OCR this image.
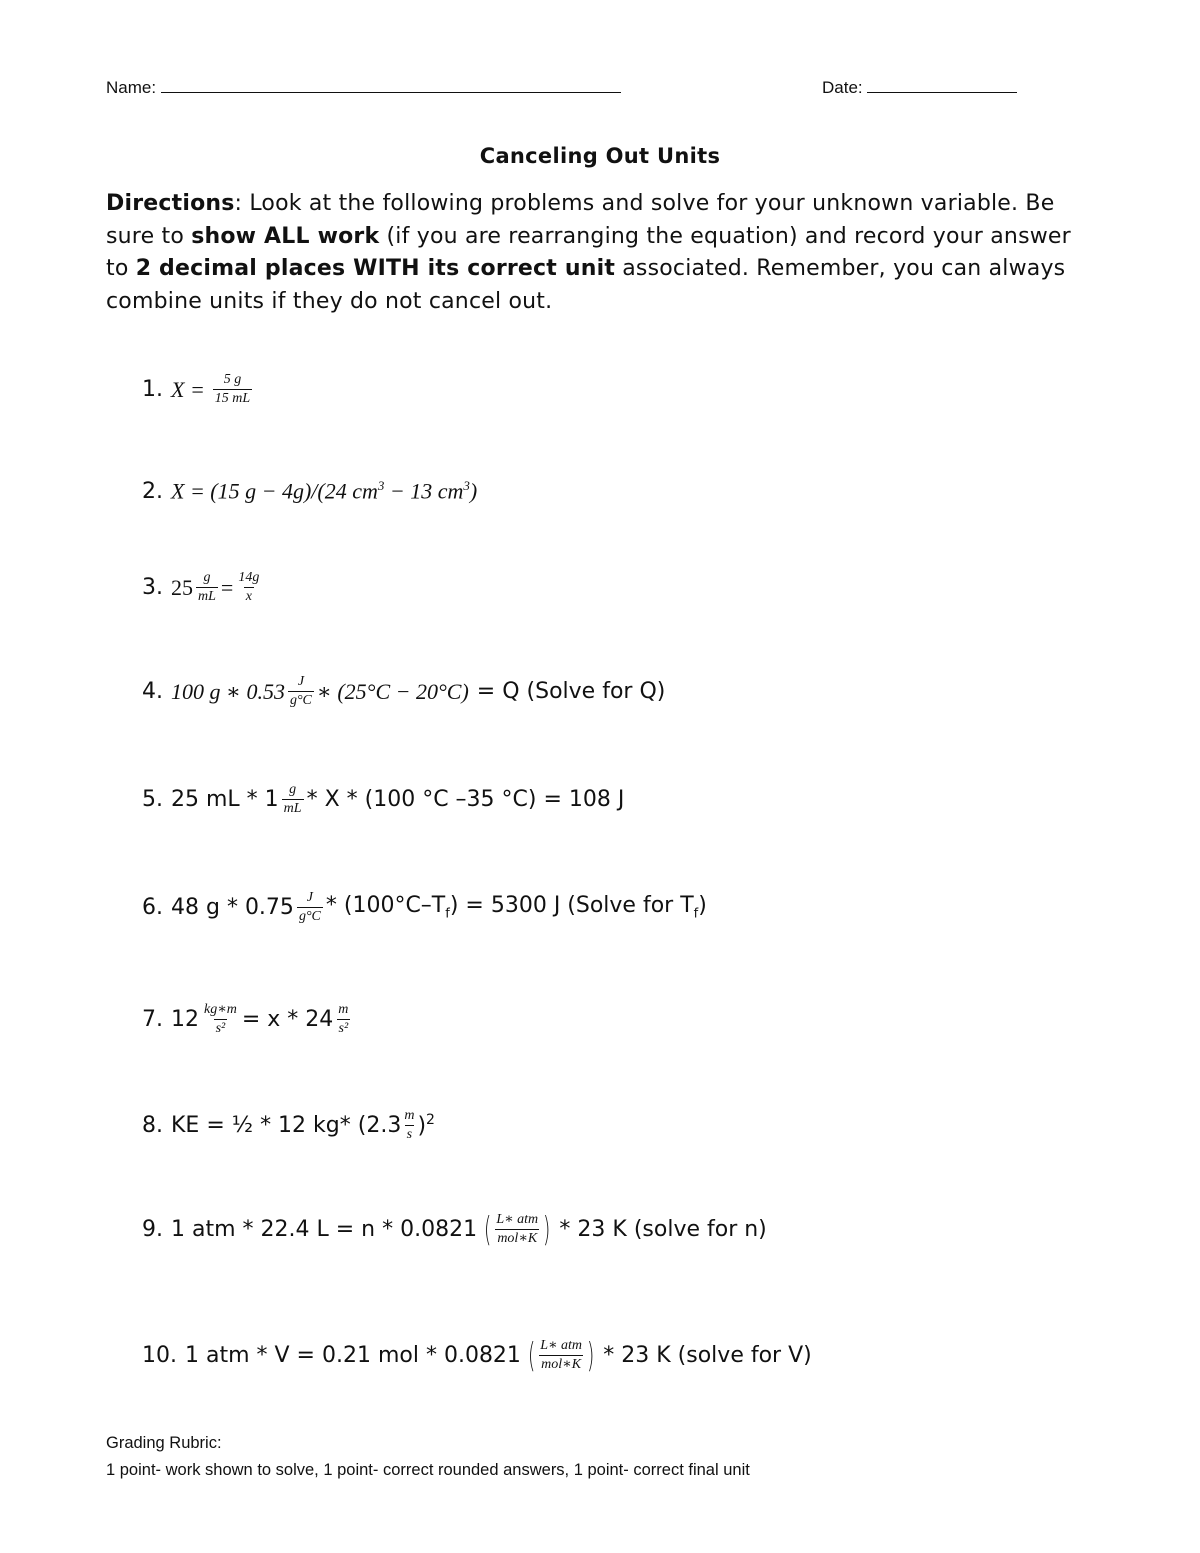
Name:	Date:
Canceling Out Units
Directions: Look at the following problems and solve for your unknown variable. Be sure to show ALL work (if you are rearranging the equation) and record your answer to 2 decimal places WITH its correct unit associated. Remember, you can always combine units if they do not cancel out.
1. $X = \frac{5 g}{15 mL}$
2. X = (15 g − 4g)/(24 $cm^3 - 13$ $cm^3$)
3. $25 \frac{g}{mL} = \frac{14g}{x}$
4. 100 g ∗ $0.53 \frac{J}{g^\circ C}$ ∗ (25°C − 20°C) = Q (Solve for Q)
5. 25 mL * $1 \frac{g}{mL}$ * X * (100 °C –35 °C) = 108 J
6. 48 $g * 0.75 \frac{J}{g^\circ C} * (100^\circ C-T_f) = 5300$ J (Solve for $T_f$)
7. $12 \frac{kg∗m}{\text{s²}} = x * 24 \frac{m}{\text{s²}}$
8. KE = ½ * 12 kg* $(2.3 \frac{m}{s} )^2$
9. 1 atm * 22.4 L = n * 0.0821 ( $\frac{\text{L∗ atm}}{\text{mol∗K}}$ ) * 23 K (solve for n)
10. 1 atm * V = 0.21 mol * 0.0821 ( $\frac{\text{L∗ atm}}{\text{mol∗K}}$ ) * 23 K (solve for V)
Grading Rubric:
1 point- work shown to solve, 1 point- correct rounded answers, 1 point- correct final unit
